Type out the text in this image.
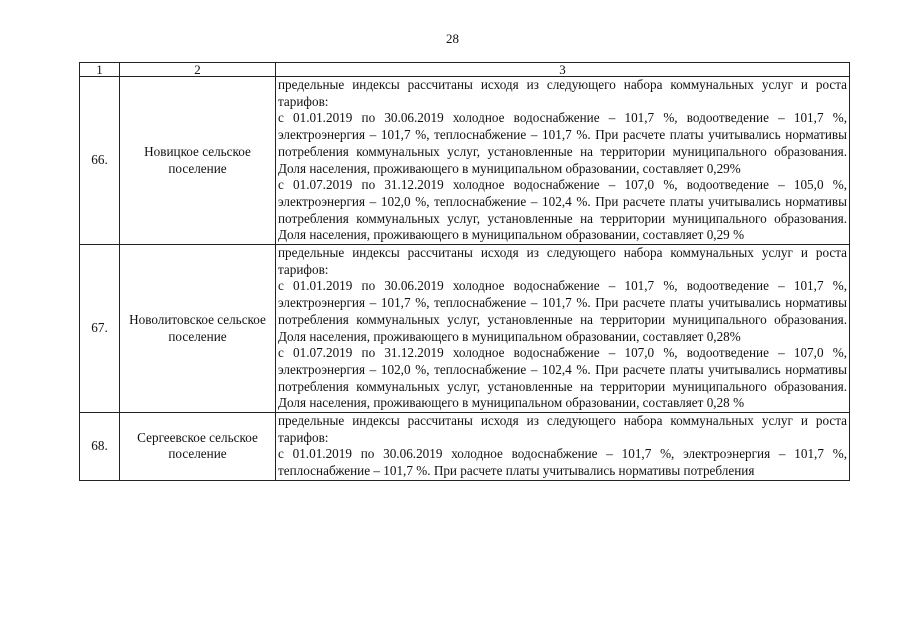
28
1	2	3
66.	Новицкое сельское поселение	предельные индексы рассчитаны исходя из следующего набора коммунальных услуг и роста тарифов:

с 01.01.2019 по 30.06.2019 холодное водоснабжение – 101,7 %, водоотведение – 101,7 %, электроэнергия – 101,7 %, теплоснабжение – 101,7 %. При расчете платы учитывались нормативы потребления коммунальных услуг, установленные на территории муниципального образования. Доля населения, проживающего в муниципальном образовании, составляет 0,29%

с 01.07.2019 по 31.12.2019 холодное водоснабжение – 107,0 %, водоотведение – 105,0 %, электроэнергия – 102,0 %, теплоснабжение – 102,4 %. При расчете платы учитывались нормативы потребления коммунальных услуг, установленные на территории муниципального образования. Доля населения, проживающего в муниципальном образовании, составляет 0,29 %

67.	Новолитовское сельское поселение	предельные индексы рассчитаны исходя из следующего набора коммунальных услуг и роста тарифов:

с 01.01.2019 по 30.06.2019 холодное водоснабжение – 101,7 %, водоотведение – 101,7 %, электроэнергия – 101,7 %, теплоснабжение – 101,7 %. При расчете платы учитывались нормативы потребления коммунальных услуг, установленные на территории муниципального образования. Доля населения, проживающего в муниципальном образовании, составляет 0,28%

с 01.07.2019 по 31.12.2019 холодное водоснабжение – 107,0 %, водоотведение – 107,0 %, электроэнергия – 102,0 %, теплоснабжение – 102,4 %. При расчете платы учитывались нормативы потребления коммунальных услуг, установленные на территории муниципального образования. Доля населения, проживающего в муниципальном образовании, составляет 0,28 %

68.	Сергеевское сельское поселение	предельные индексы рассчитаны исходя из следующего набора коммунальных услуг и роста тарифов:

с 01.01.2019 по 30.06.2019 холодное водоснабжение – 101,7 %, электроэнергия – 101,7 %, теплоснабжение – 101,7 %. При расчете платы учитывались нормативы потребления
